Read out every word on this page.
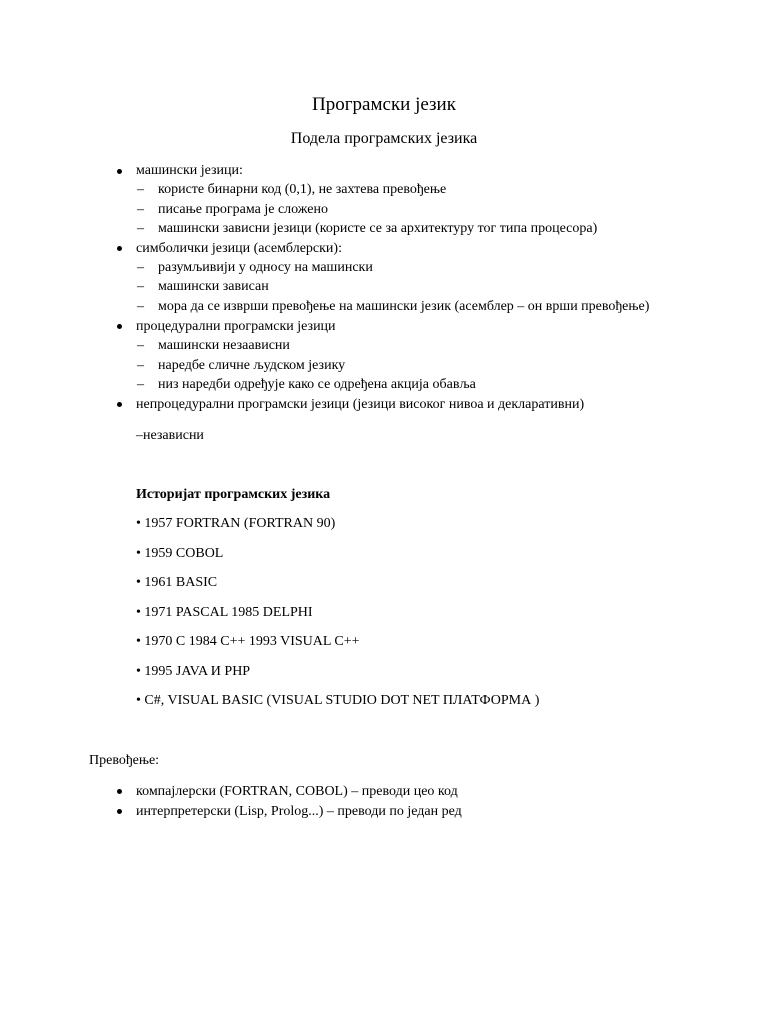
Програмски језик
Подела програмских језика
машински језици:
– користе бинарни код (0,1), не захтева превођење
– писање програма је сложено
– машински зависни језици (користе се за архитектуру тог типа процесора)
симболички језици (асемблерски):
– разумљивији у односу на машински
– машински зависан
– мора да се изврши превођење на машински језик (асемблер – он врши превођење)
процедурални програмски језици
– машински незаависни
– наредбе сличне људском језику
– низ наредби одређује како се одређена акција обавља
непроцедурални програмски језици (језици високог нивоа и декларативни)
–независни
Историјат програмских језика
• 1957 FORTRAN (FORTRAN 90)
• 1959 COBOL
• 1961 BASIC
• 1971 PASCAL 1985 DELPHI
• 1970 C 1984 C++ 1993 VISUAL C++
• 1995 JAVA И PHP
• C#, VISUAL BASIC (VISUAL STUDIO DOT NET ПЛАТФОРМА )
Превођење:
компајлерски (FORTRAN, COBOL) – преводи цео код
интерпретерски (Lisp, Prolog...) – преводи по један ред
